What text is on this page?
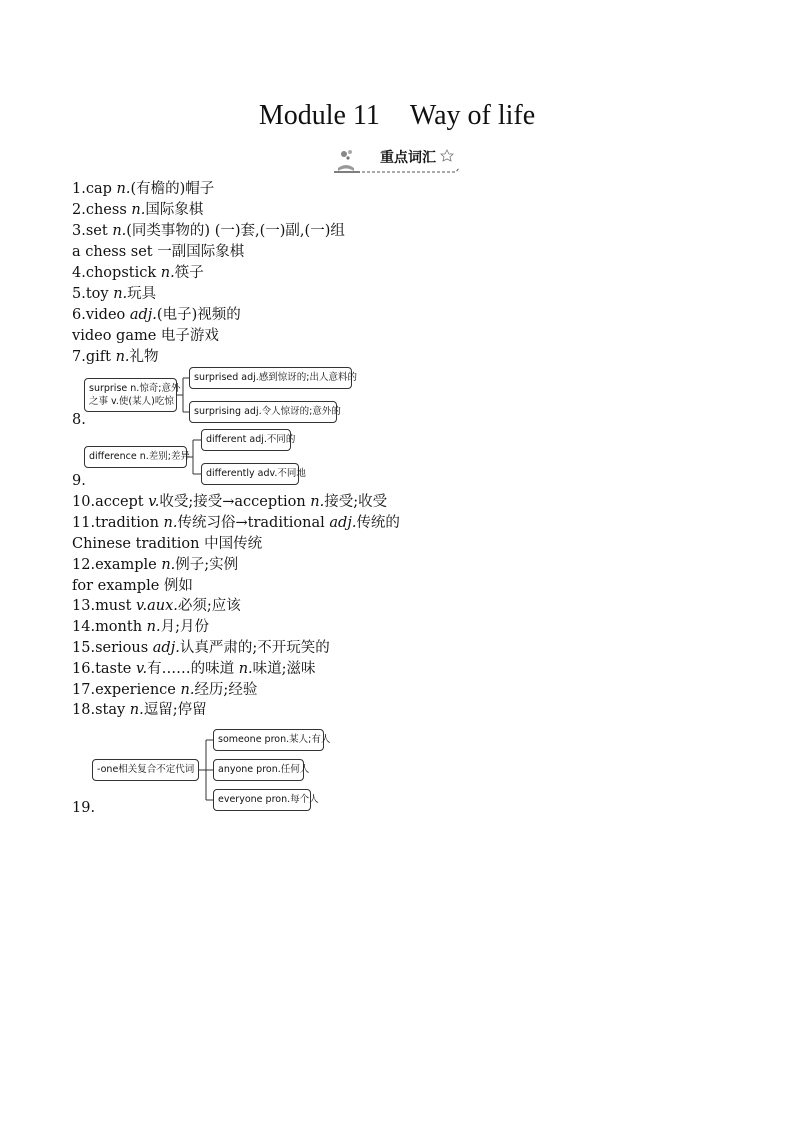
Module 11 Way of life
重点词汇
1.cap n.(有檐的)帽子
2.chess n.国际象棋
3.set n.(同类事物的) (一)套,(一)副,(一)组
a chess set 一副国际象棋
4.chopstick n.筷子
5.toy n.玩具
6.video adj.(电子)视频的
video game 电子游戏
7.gift n.礼物
surprise n.惊奇;意外
之事 v.使(某人)吃惊
surprised adj.感到惊讶的;出人意料的
surprising adj.令人惊讶的;意外的
8.
difference n.差别;差异
different adj.不同的
differently adv.不同地
9.
10.accept v.收受;接受→acception n.接受;收受
11.tradition n.传统习俗→traditional adj.传统的
Chinese tradition 中国传统
12.example n.例子;实例
for example 例如
13.must v.aux.必须;应该
14.month n.月;月份
15.serious adj.认真严肃的;不开玩笑的
16.taste v.有……的味道 n.味道;滋味
17.experience n.经历;经验
18.stay n.逗留;停留
-one相关复合不定代词
someone pron.某人;有人
anyone pron.任何人
everyone pron.每个人
19.
